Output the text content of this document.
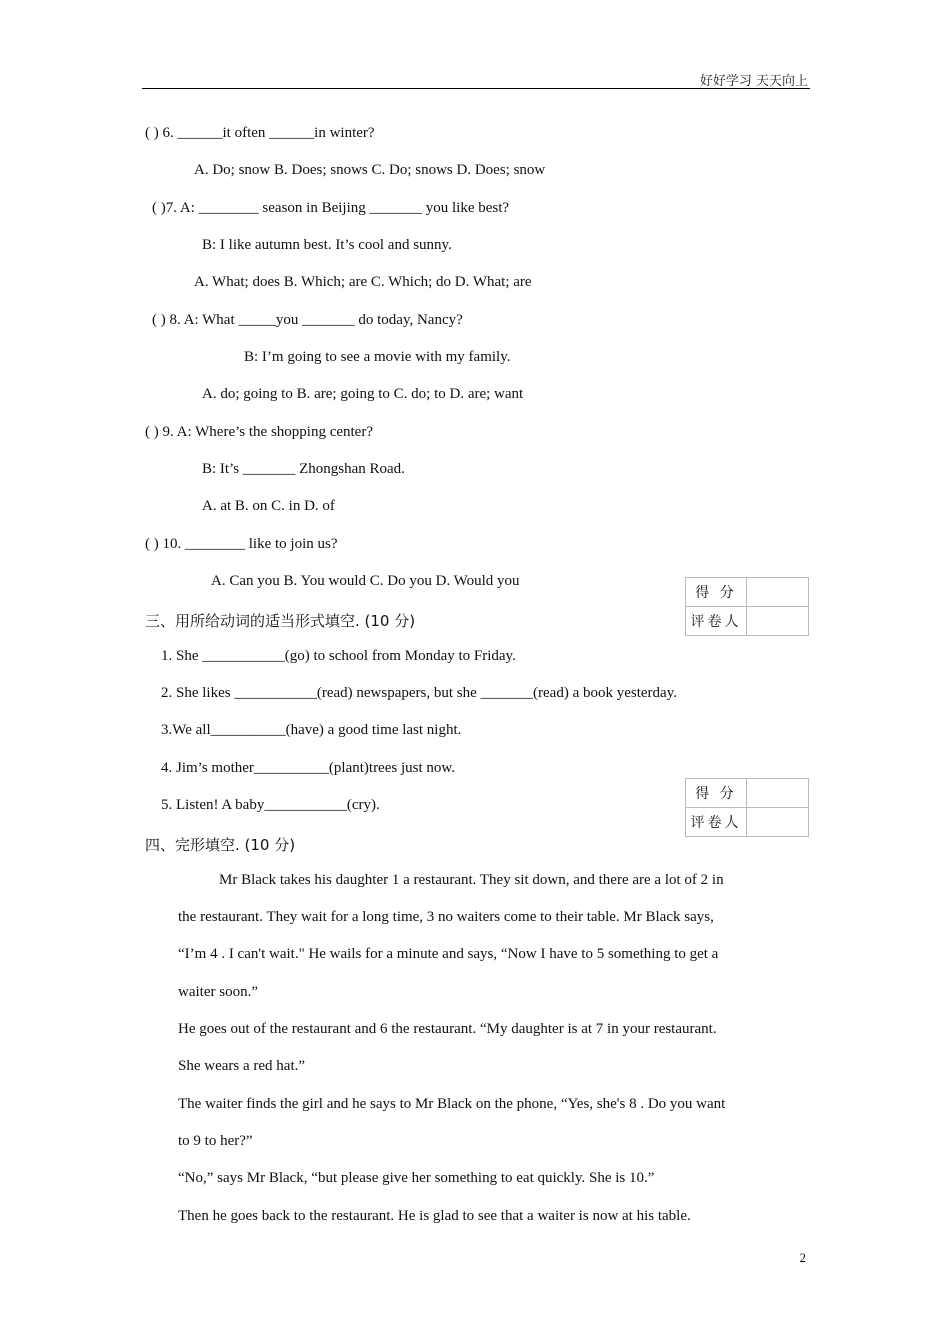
好好学习 天天向上
( ) 6. ______it often ______in winter?
A. Do; snow B. Does; snows C. Do; snows D. Does; snow
( )7. A: ________ season in Beijing _______ you like best?
B: I like autumn best. It’s cool and sunny.
A. What; does B. Which; are C. Which; do D. What; are
( ) 8. A: What _____you _______ do today, Nancy?
B: I’m going to see a movie with my family.
A. do; going to B. are; going to C. do; to D. are; want
( ) 9. A: Where’s the shopping center?
B: It’s _______ Zhongshan Road.
A. at B. on C. in D. of
( ) 10. ________ like to join us?
A. Can you B. You would C. Do you D. Would you
得 分	
评卷人	
三、用所给动词的适当形式填空. (10 分)
1. She ___________(go) to school from Monday to Friday.
2. She likes ___________(read) newspapers, but she _______(read) a book yesterday.
3.We all__________(have) a good time last night.
4. Jim’s mother__________(plant)trees just now.
5. Listen! A baby___________(cry).
得 分	
评卷人	
四、完形填空. (10 分)
Mr Black takes his daughter 1 a restaurant. They sit down, and there are a lot of 2 in
the restaurant. They wait for a long time, 3 no waiters come to their table. Mr Black says,
“I’m 4 . I can't wait." He wails for a minute and says, “Now I have to 5 something to get a
waiter soon.”
He goes out of the restaurant and 6 the restaurant. “My daughter is at 7 in your restaurant.
She wears a red hat.”
The waiter finds the girl and he says to Mr Black on the phone, “Yes, she's 8 . Do you want
to 9 to her?”
“No,” says Mr Black, “but please give her something to eat quickly. She is 10.”
Then he goes back to the restaurant. He is glad to see that a waiter is now at his table.
2
